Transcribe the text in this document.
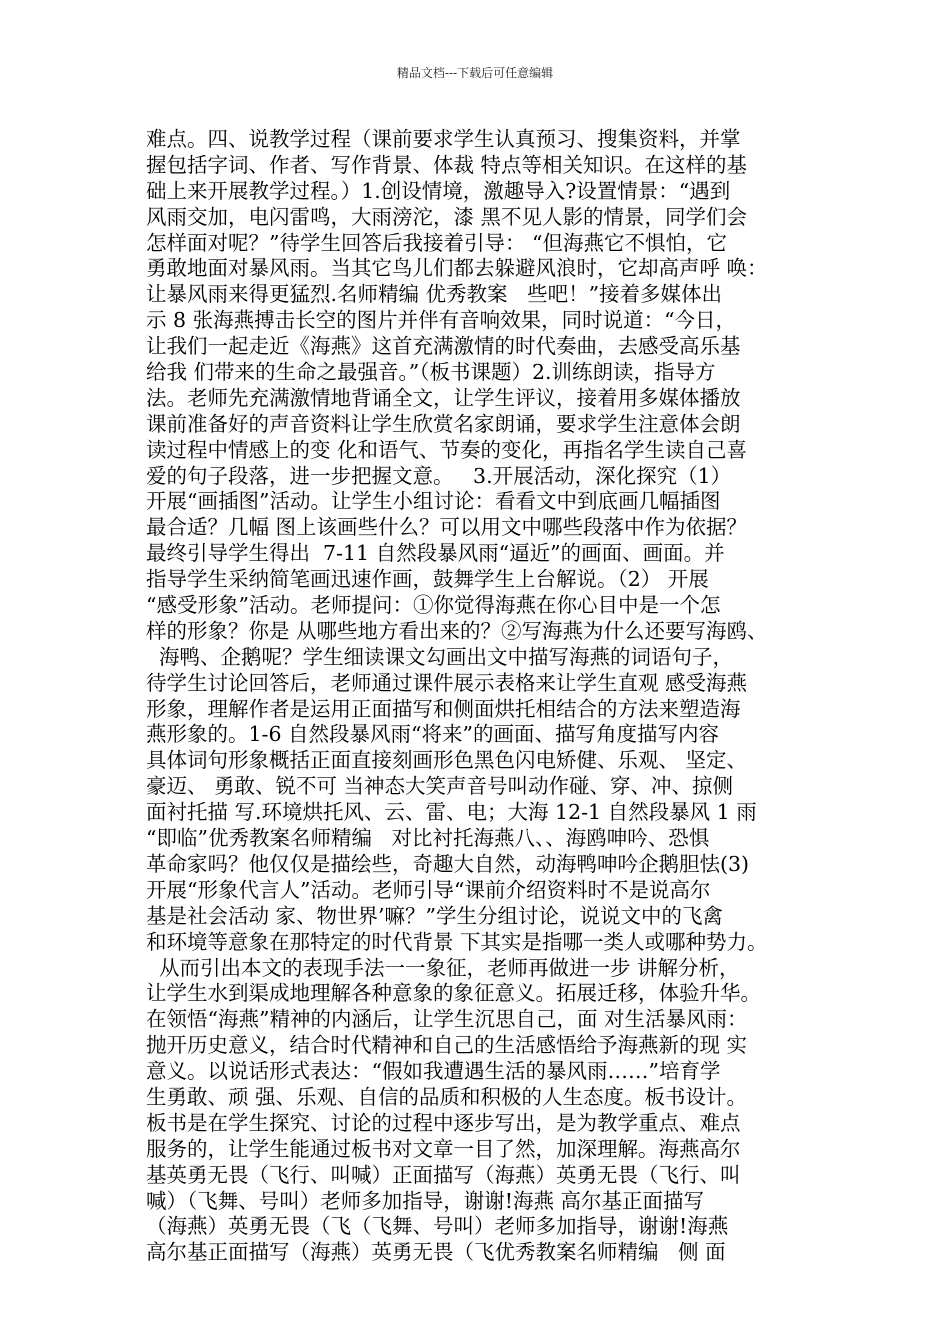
精品文档---下载后可任意编辑
难点。四、说教学过程（课前要求学生认真预习、搜集资料，并掌
握包括字词、作者、写作背景、体裁 特点等相关知识。在这样的基
础上来开展教学过程。）1.创设情境，激趣导入?设置情景：“遇到
风雨交加，电闪雷鸣，大雨滂沱，漆 黑不见人影的情景，同学们会
怎样面对呢？”待学生回答后我接着引导： “但海燕它不惧怕，它
勇敢地面对暴风雨。当其它鸟儿们都去躲避风浪时，它却高声呼 唤：
让暴风雨来得更猛烈.名师精编 优秀教案   些吧！”接着多媒体出
示 8 张海燕搏击长空的图片并伴有音响效果，同时说道：“今日，
让我们一起走近《海燕》这首充满激情的时代奏曲，去感受高乐基
给我 们带来的生命之最强音。”（板书课题）2.训练朗读，指导方
法。老师先充满激情地背诵全文，让学生评议，接着用多媒体播放
课前准备好的声音资料让学生欣赏名家朗诵，要求学生注意体会朗
读过程中情感上的变 化和语气、节奏的变化，再指名学生读自己喜
爱的句子段落，进一步把握文意。   3.开展活动，深化探究（1）
开展“画插图”活动。让学生小组讨论：看看文中到底画几幅插图
最合适？几幅 图上该画些什么？可以用文中哪些段落中作为依据？
最终引导学生得出  7-11 自然段暴风雨“逼近”的画面、画面。并
指导学生采纳简笔画迅速作画，鼓舞学生上台解说。（2） 开展
“感受形象”活动。老师提问：①你觉得海燕在你心目中是一个怎
样的形象？你是 从哪些地方看出来的？②写海燕为什么还要写海鸥、
海鸭、企鹅呢？学生细读课文勾画出文中描写海燕的词语句子，
待学生讨论回答后，老师通过课件展示表格来让学生直观 感受海燕
形象，理解作者是运用正面描写和侧面烘托相结合的方法来塑造海
燕形象的。1-6 自然段暴风雨“将来”的画面、描写角度描写内容
具体词句形象概括正面直接刻画形色黑色闪电矫健、乐观、 坚定、
豪迈、 勇敢、锐不可 当神态大笑声音号叫动作碰、穿、冲、掠侧
面衬托描 写.环境烘托风、云、雷、电；大海 12-1 自然段暴风 1 雨
“即临”优秀教案名师精编   对比衬托海燕八、、海鸥呻吟、恐惧
革命家吗？他仅仅是描绘些，奇趣大自然，动海鸭呻吟企鹅胆怯(3)
开展“形象代言人”活动。老师引导“课前介绍资料时不是说高尔
基是社会活动 家、物世界’嘛？”学生分组讨论，说说文中的飞禽
和环境等意象在那特定的时代背景 下其实是指哪一类人或哪种势力。
从而引出本文的表现手法一一象征，老师再做进一步 讲解分析，
让学生水到渠成地理解各种意象的象征意义。拓展迁移，体验升华。
在领悟“海燕”精神的内涵后，让学生沉思自己，面 对生活暴风雨：
抛开历史意义，结合时代精神和自己的生活感悟给予海燕新的现 实
意义。以说话形式表达：“假如我遭遇生活的暴风雨……”培育学
生勇敢、顽 强、乐观、自信的品质和积极的人生态度。板书设计。
板书是在学生探究、讨论的过程中逐步写出，是为教学重点、难点
服务的，让学生能通过板书对文章一目了然，加深理解。海燕高尔
基英勇无畏（飞行、叫喊）正面描写（海燕）英勇无畏（飞行、叫
喊）（飞舞、号叫）老师多加指导，谢谢!海燕 高尔基正面描写
（海燕）英勇无畏（飞（飞舞、号叫）老师多加指导，谢谢!海燕
高尔基正面描写（海燕）英勇无畏（飞优秀教案名师精编   侧 面
